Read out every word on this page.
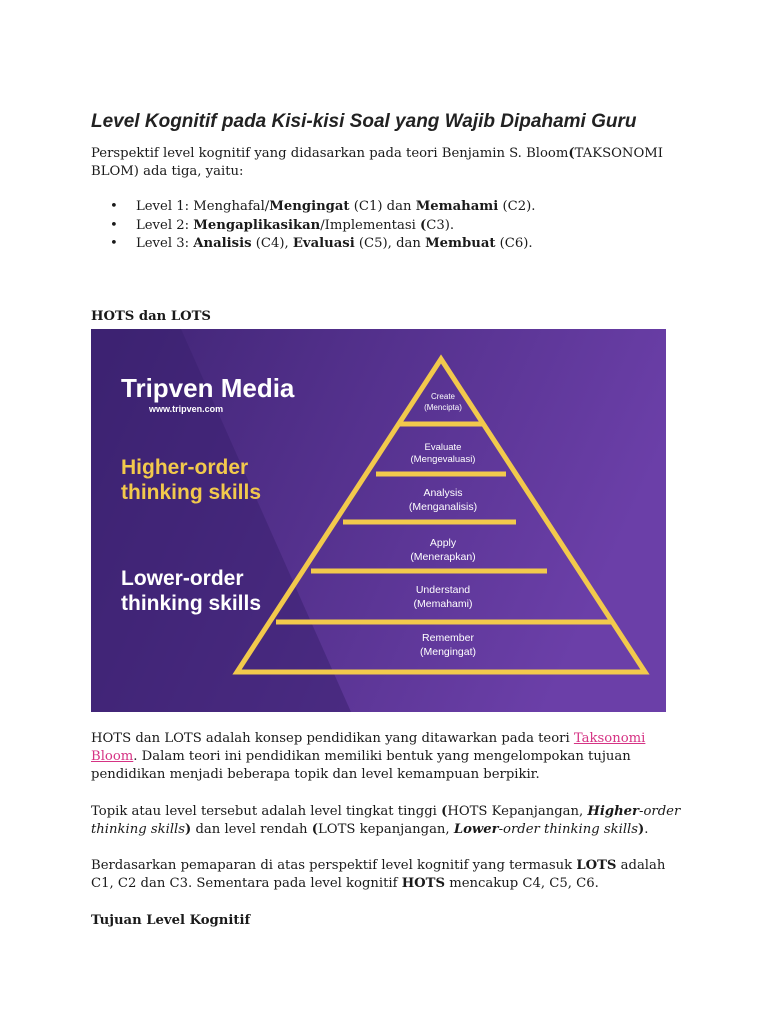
Level Kognitif pada Kisi-kisi Soal yang Wajib Dipahami Guru

Perspektif level kognitif yang didasarkan pada teori Benjamin S. Bloom(TAKSONOMI BLOM) ada tiga, yaitu:

• Level 1: Menghafal/Mengingat (C1) dan Memahami (C2).
• Level 2: Mengaplikasikan/Implementasi (C3).
• Level 3: Analisis (C4), Evaluasi (C5), dan Membuat (C6).
HOTS dan LOTS
Tripven Media
www.tripven.com
Higher-order
thinking skills
Lower-order
thinking skills
Create
(Mencipta)
Evaluate
(Mengevaluasi)
Analysis
(Menganalisis)
Apply
(Menerapkan)
Understand
(Memahami)
Remember
(Mengingat)

HOTS dan LOTS adalah konsep pendidikan yang ditawarkan pada teori Taksonomi Bloom. Dalam teori ini pendidikan memiliki bentuk yang mengelompokan tujuan pendidikan menjadi beberapa topik dan level kemampuan berpikir.

Topik atau level tersebut adalah level tingkat tinggi (HOTS Kepanjangan, Higher-order thinking skills) dan level rendah (LOTS kepanjangan, Lower-order thinking skills).

Berdasarkan pemaparan di atas perspektif level kognitif yang termasuk LOTS adalah C1, C2 dan C3. Sementara pada level kognitif HOTS mencakup C4, C5, C6.

Tujuan Level Kognitif
